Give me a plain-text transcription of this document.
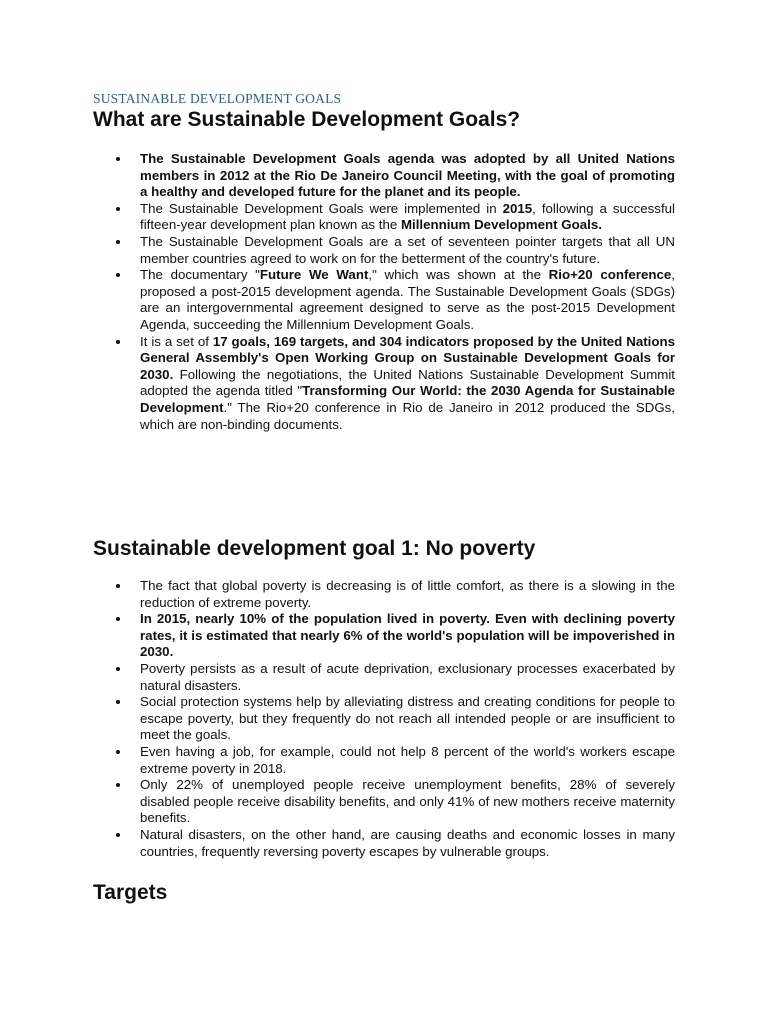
SUSTAINABLE DEVELOPMENT GOALS
What are Sustainable Development Goals?
The Sustainable Development Goals agenda was adopted by all United Nations members in 2012 at the Rio De Janeiro Council Meeting, with the goal of promoting a healthy and developed future for the planet and its people.
The Sustainable Development Goals were implemented in 2015, following a successful fifteen-year development plan known as the Millennium Development Goals.
The Sustainable Development Goals are a set of seventeen pointer targets that all UN member countries agreed to work on for the betterment of the country's future.
The documentary "Future We Want," which was shown at the Rio+20 conference, proposed a post-2015 development agenda. The Sustainable Development Goals (SDGs) are an intergovernmental agreement designed to serve as the post-2015 Development Agenda, succeeding the Millennium Development Goals.
It is a set of 17 goals, 169 targets, and 304 indicators proposed by the United Nations General Assembly's Open Working Group on Sustainable Development Goals for 2030. Following the negotiations, the United Nations Sustainable Development Summit adopted the agenda titled "Transforming Our World: the 2030 Agenda for Sustainable Development." The Rio+20 conference in Rio de Janeiro in 2012 produced the SDGs, which are non-binding documents.
Sustainable development goal 1: No poverty
The fact that global poverty is decreasing is of little comfort, as there is a slowing in the reduction of extreme poverty.
In 2015, nearly 10% of the population lived in poverty. Even with declining poverty rates, it is estimated that nearly 6% of the world's population will be impoverished in 2030.
Poverty persists as a result of acute deprivation, exclusionary processes exacerbated by natural disasters.
Social protection systems help by alleviating distress and creating conditions for people to escape poverty, but they frequently do not reach all intended people or are insufficient to meet the goals.
Even having a job, for example, could not help 8 percent of the world's workers escape extreme poverty in 2018.
Only 22% of unemployed people receive unemployment benefits, 28% of severely disabled people receive disability benefits, and only 41% of new mothers receive maternity benefits.
Natural disasters, on the other hand, are causing deaths and economic losses in many countries, frequently reversing poverty escapes by vulnerable groups.
Targets
